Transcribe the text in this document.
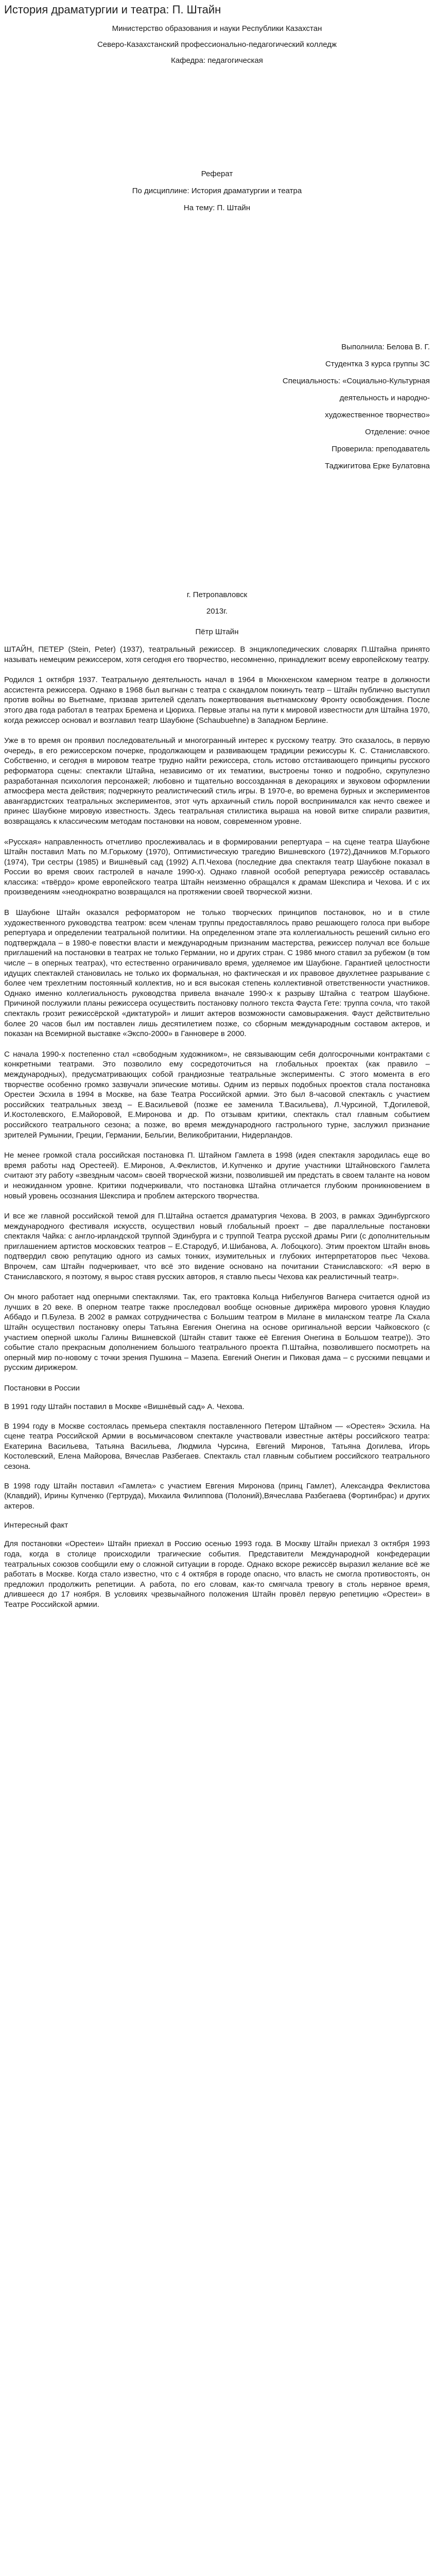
История драматургии и театра: П. Штайн

Министерство образования и науки Республики Казахстан

Северо-Казахстанский профессионально-педагогический колледж

Кафедра: педагогическая

Реферат

По дисциплине: История драматургии и театра

На тему: П. Штайн

Выполнила: Белова В. Г.

Студентка 3 курса группы 3С

Специальность: «Социально-Культурная

деятельность и народно-

художественное творчество»

Отделение: очное

Проверила: преподаватель

Таджигитова Ерке Булатовна

г. Петропавловск

2013г.

Пётр Штайн

ШТАЙН, ПЕТЕР (Stein, Peter) (1937), театральный режиссер. В энциклопедических словарях П.Штайна принято называть немецким режиссером, хотя сегодня его творчество, несомненно, принадлежит всему европейскому театру.

Родился 1 октября 1937. Театральную деятельность начал в 1964 в Мюнхенском камерном театре в должности ассистента режиссера. Однако в 1968 был выгнан с театра с скандалом покинуть театр – Штайн публично выступил против войны во Вьетнаме, призвав зрителей сделать пожертвования вьетнамскому Фронту освобождения. После этого два года работал в театрах Бремена и Цюриха. Первые этапы на пути к мировой известности для Штайна 1970, когда режиссер основал и возглавил театр Шаубюне (Schaubuehne) в Западном Берлине.

Уже в то время он проявил последовательный и многогранный интерес к русскому театру. Это сказалось, в первую очередь, в его режиссерском почерке, продолжающем и развивающем традиции режиссуры К. С. Станиславского. Собственно, и сегодня в мировом театре трудно найти режиссера, столь истово отстаивающего принципы русского реформатора сцены: спектакли Штайна, независимо от их тематики, выстроены тонко и подробно, скрупулезно разработанная психология персонажей; любовно и тщательно воссозданная в декорациях и звуковом оформлении атмосфера места действия; подчеркнуто реалистический стиль игры. В 1970-е, во времена бурных и экспериментов авангардистских театральных экспериментов, этот чуть архаичный стиль порой воспринимался как нечто свежее и принес Шаубюне мировую известность. Здесь театральная стилистика выраша на новой витке спирали развития, возвращаясь к классическим методам постановки на новом, современном уровне.

«Русская» направленность отчетливо прослеживалась и в формировании репертуара – на сцене театра Шаубюне Штайн поставил Мать по М.Горькому (1970), Оптимистическую трагедию Вишневского (1972),Дачников М.Горького (1974), Три сестры (1985) и Вишнёвый сад (1992) А.П.Чехова (последние два спектакля театр Шаубюне показал в России во время своих гастролей в начале 1990-х). Однако главной особой репертуара режиссёр оставалась классика: «твёрдо» кроме европейского театра Штайн неизменно обращался к драмам Шекспира и Чехова. И с их произведениям «неоднократно возвращался на протяжении своей творческой жизни.

В Шаубюне Штайн оказался реформатором не только творческих принципов постановок, но и в стиле художественного руководства театром: всем членам труппы предоставлялось право решающего голоса при выборе репертуара и определении театральной политики. На определенном этапе эта коллегиальность решений сильно его подтверждала – в 1980-е повестки власти и международным признаним мастерства, режиссер получал все больше приглашений на постановки в театрах не только Германии, но и других стран. С 1986 много ставил за рубежом (в том числе – в оперных театрах), что естественно ограничивало время, уделяемое им Шаубюне. Гарантией целостности идущих спектаклей становилась не только их формальная, но фактическая и их правовое двухлетнее разрывание с более чем трехлетним постоянный коллектив, но и вся высокая степень коллективной ответственности участников. Однако именно коллегиальность руководства привела вначале 1990-х к разрыву Штайна с театром Шаубюне. Причиной послужили планы режиссера осуществить постановку полного текста Фауста Гете: труппа сочла, что такой спектакль грозит режиссёрской «диктатурой» и лишит актеров возможности самовыражения. Фауст действительно более 20 часов был им поставлен лишь десятилетием позже, со сборным международным составом актеров, и показан на Всемирной выставке «Экспо-2000» в Ганновере в 2000.

С начала 1990-х постепенно стал «свободным художником», не связывающим себя долгосрочными контрактами с конкретными театрами. Это позволило ему сосредоточиться на глобальных проектах (как правило – международных), предусматривающих собой грандиозные театральные эксперименты. С этого момента в его творчестве особенно громко зазвучали эпические мотивы. Одним из первых подобных проектов стала постановка Орестеи Эсхила в 1994 в Москве, на базе Театра Российской армии. Это был 8-часовой спектакль с участием российских театральных звезд – Е.Васильевой (позже ее заменила Т.Васильева), Л.Чурсиной, Т.Догилевой, И.Костолевского, Е.Майоровой, Е.Миронова и др. По отзывам критики, спектакль стал главным событием российского театрального сезона; а позже, во время международного гастрольного турне, заслужил признание зрителей Румынии, Греции, Германии, Бельгии, Великобритании, Нидерландов.

Не менее громкой стала российская постановка П. Штайном Гамлета в 1998 (идея спектакля зародилась еще во время работы над Орестеей). Е.Миронов, А.Феклистов, И.Купченко и другие участники Штайновского Гамлета считают эту работу «звездным часом» своей творческой жизни, позволившей им предстать в своем таланте на новом и неожиданном уровне. Критики подчеркивали, что постановка Штайна отличается глубоким проникновением в новый уровень осознания Шекспира и проблем актерского творчества.

И все же главной российской темой для П.Штайна остается драматургия Чехова. В 2003, в рамках Эдинбургского международного фестиваля искусств, осуществил новый глобальный проект – две параллельные постановки спектакля Чайка: с англо-ирландской труппой Эдинбурга и с труппой Театра русской драмы Риги (с дополнительным приглашением артистов московских театров – Е.Стародуб, И.Шибанова, А. Лобоцкого). Этим проектом Штайн вновь подтвердил свою репутацию одного из самых тонких, изумительных и глубоких интерпретаторов пьес Чехова. Впрочем, сам Штайн подчеркивает, что всё это видение основано на почитании Станиславского: «Я верю в Станиславского, я поэтому, я вырос ставя русских авторов, я ставлю пьесы Чехова как реалистичный театр».

Он много работает над оперными спектаклями. Так, его трактовка Кольца Нибелунгов Вагнера считается одной из лучших в 20 веке. В оперном театре также проследовал вообще основные дирижёра мирового уровня Клаудио Аббадо и П.Булеза. В 2002 в рамках сотрудничества с Большим театром в Милане в миланском театре Ла Скала Штайн осуществил постановку оперы Татьяна Евгения Онегина на основе оригинальной версии Чайковского (с участием оперной школы Галины Вишневской (Штайн ставит также её Евгения Онегина в Большом театре)). Это событие стало прекрасным дополнением большого театрального проекта П.Штайна, позволившего посмотреть на оперный мир по-новому с точки зрения Пушкина – Мазепа. Евгений Онегин и Пиковая дама – с русскими певцами и русским дирижером.

Постановки в России

В 1991 году Штайн поставил в Москве «Вишнёвый сад» А. Чехова.

В 1994 году в Москве состоялась премьера спектакля поставленного Петером Штайном — «Орестея» Эсхила. На сцене театра Российской Армии в восьмичасовом спектакле участвовали известные актёры российского театра: Екатерина Васильева, Татьяна Васильева, Людмила Чурсина, Евгений Миронов, Татьяна Догилева, Игорь Костолевский, Елена Майорова, Вячеслав Разбегаев. Спектакль стал главным событием российского театрального сезона.

В 1998 году Штайн поставил «Гамлета» с участием Евгения Миронова (принц Гамлет), Александра Феклистова (Клавдий), Ирины Купченко (Гертруда), Михаила Филиппова (Полоний),Вячеслава Разбегаева (Фортинбрас) и других актеров.

Интересный факт

Для постановки «Орестеи» Штайн приехал в Россию осенью 1993 года. В Москву Штайн приехал 3 октября 1993 года, когда в столице происходили трагические события. Представители Международной конфедерации театральных союзов сообщили ему о сложной ситуации в городе. Однако вскоре режиссёр выразил желание всё же работать в Москве. Когда стало известно, что с 4 октября в городе опасно, что власть не смогла противостоять, он предложил продолжить репетиции. А работа, по его словам, как-то смягчала тревогу в столь нервное время, длившееся до 17 ноября. В условиях чрезвычайного положения Штайн провёл первую репетицию «Орестеи» в Театре Российской армии.
